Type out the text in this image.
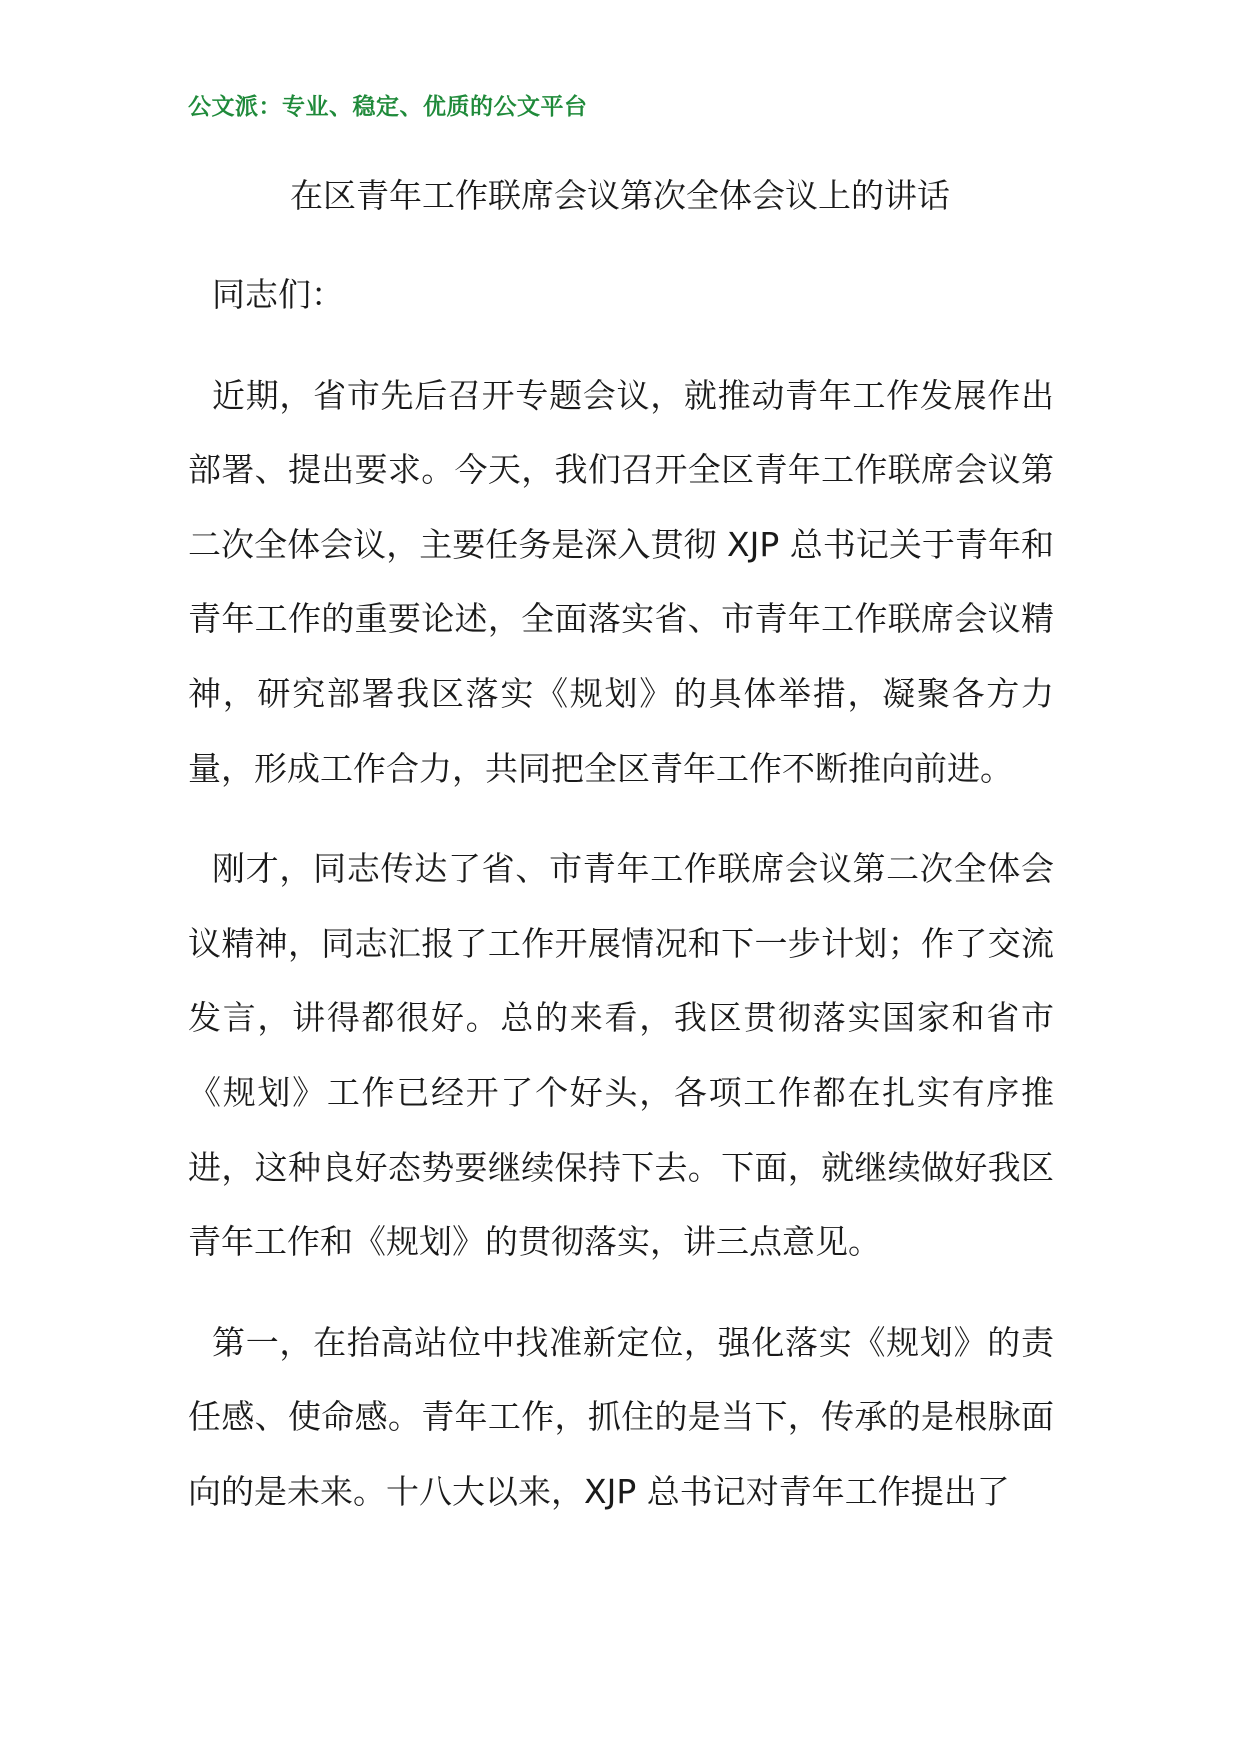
公文派：专业、稳定、优质的公文平台
在区青年工作联席会议第次全体会议上的讲话

同志们：

近期，省市先后召开专题会议，就推动青年工作发展作出部署、提出要求。今天，我们召开全区青年工作联席会议第二次全体会议，主要任务是深入贯彻 XJP 总书记关于青年和青年工作的重要论述，全面落实省、市青年工作联席会议精神，研究部署我区落实《规划》的具体举措，凝聚各方力量，形成工作合力，共同把全区青年工作不断推向前进。

刚才，同志传达了省、市青年工作联席会议第二次全体会议精神，同志汇报了工作开展情况和下一步计划；作了交流发言，讲得都很好。总的来看，我区贯彻落实国家和省市《规划》工作已经开了个好头，各项工作都在扎实有序推进，这种良好态势要继续保持下去。下面，就继续做好我区青年工作和《规划》的贯彻落实，讲三点意见。

第一，在抬高站位中找准新定位，强化落实《规划》的责任感、使命感。青年工作，抓住的是当下，传承的是根脉面向的是未来。十八大以来，XJP 总书记对青年工作提出了
